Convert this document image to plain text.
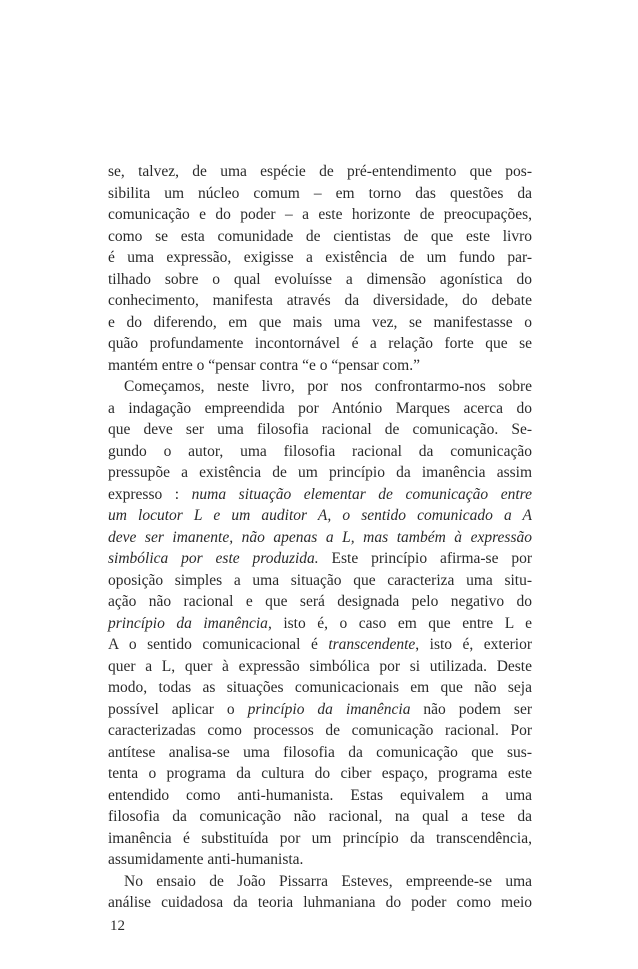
se, talvez, de uma espécie de pré-entendimento que pos-
sibilita um núcleo comum – em torno das questões da
comunicação e do poder – a este horizonte de preocupações,
como se esta comunidade de cientistas de que este livro
é uma expressão, exigisse a existência de um fundo par-
tilhado sobre o qual evoluísse a dimensão agonística do
conhecimento, manifesta através da diversidade, do debate
e do diferendo, em que mais uma vez, se manifestasse o
quão profundamente incontornável é a relação forte que se
mantém entre o “pensar contra “e o “pensar com.”
Começamos, neste livro, por nos confrontarmo-nos sobre
a indagação empreendida por António Marques acerca do
que deve ser uma filosofia racional de comunicação. Se-
gundo o autor, uma filosofia racional da comunicação
pressupõe a existência de um princípio da imanência assim
expresso : numa situação elementar de comunicação entre
um locutor L e um auditor A, o sentido comunicado a A
deve ser imanente, não apenas a L, mas também à expressão
simbólica por este produzida. Este princípio afirma-se por
oposição simples a uma situação que caracteriza uma situ-
ação não racional e que será designada pelo negativo do
princípio da imanência, isto é, o caso em que entre L e
A o sentido comunicacional é transcendente, isto é, exterior
quer a L, quer à expressão simbólica por si utilizada. Deste
modo, todas as situações comunicacionais em que não seja
possível aplicar o princípio da imanência não podem ser
caracterizadas como processos de comunicação racional. Por
antítese analisa-se uma filosofia da comunicação que sus-
tenta o programa da cultura do ciber espaço, programa este
entendido como anti-humanista. Estas equivalem a uma
filosofia da comunicação não racional, na qual a tese da
imanência é substituída por um princípio da transcendência,
assumidamente anti-humanista.
No ensaio de João Pissarra Esteves, empreende-se uma
análise cuidadosa da teoria luhmaniana do poder como meio
12
